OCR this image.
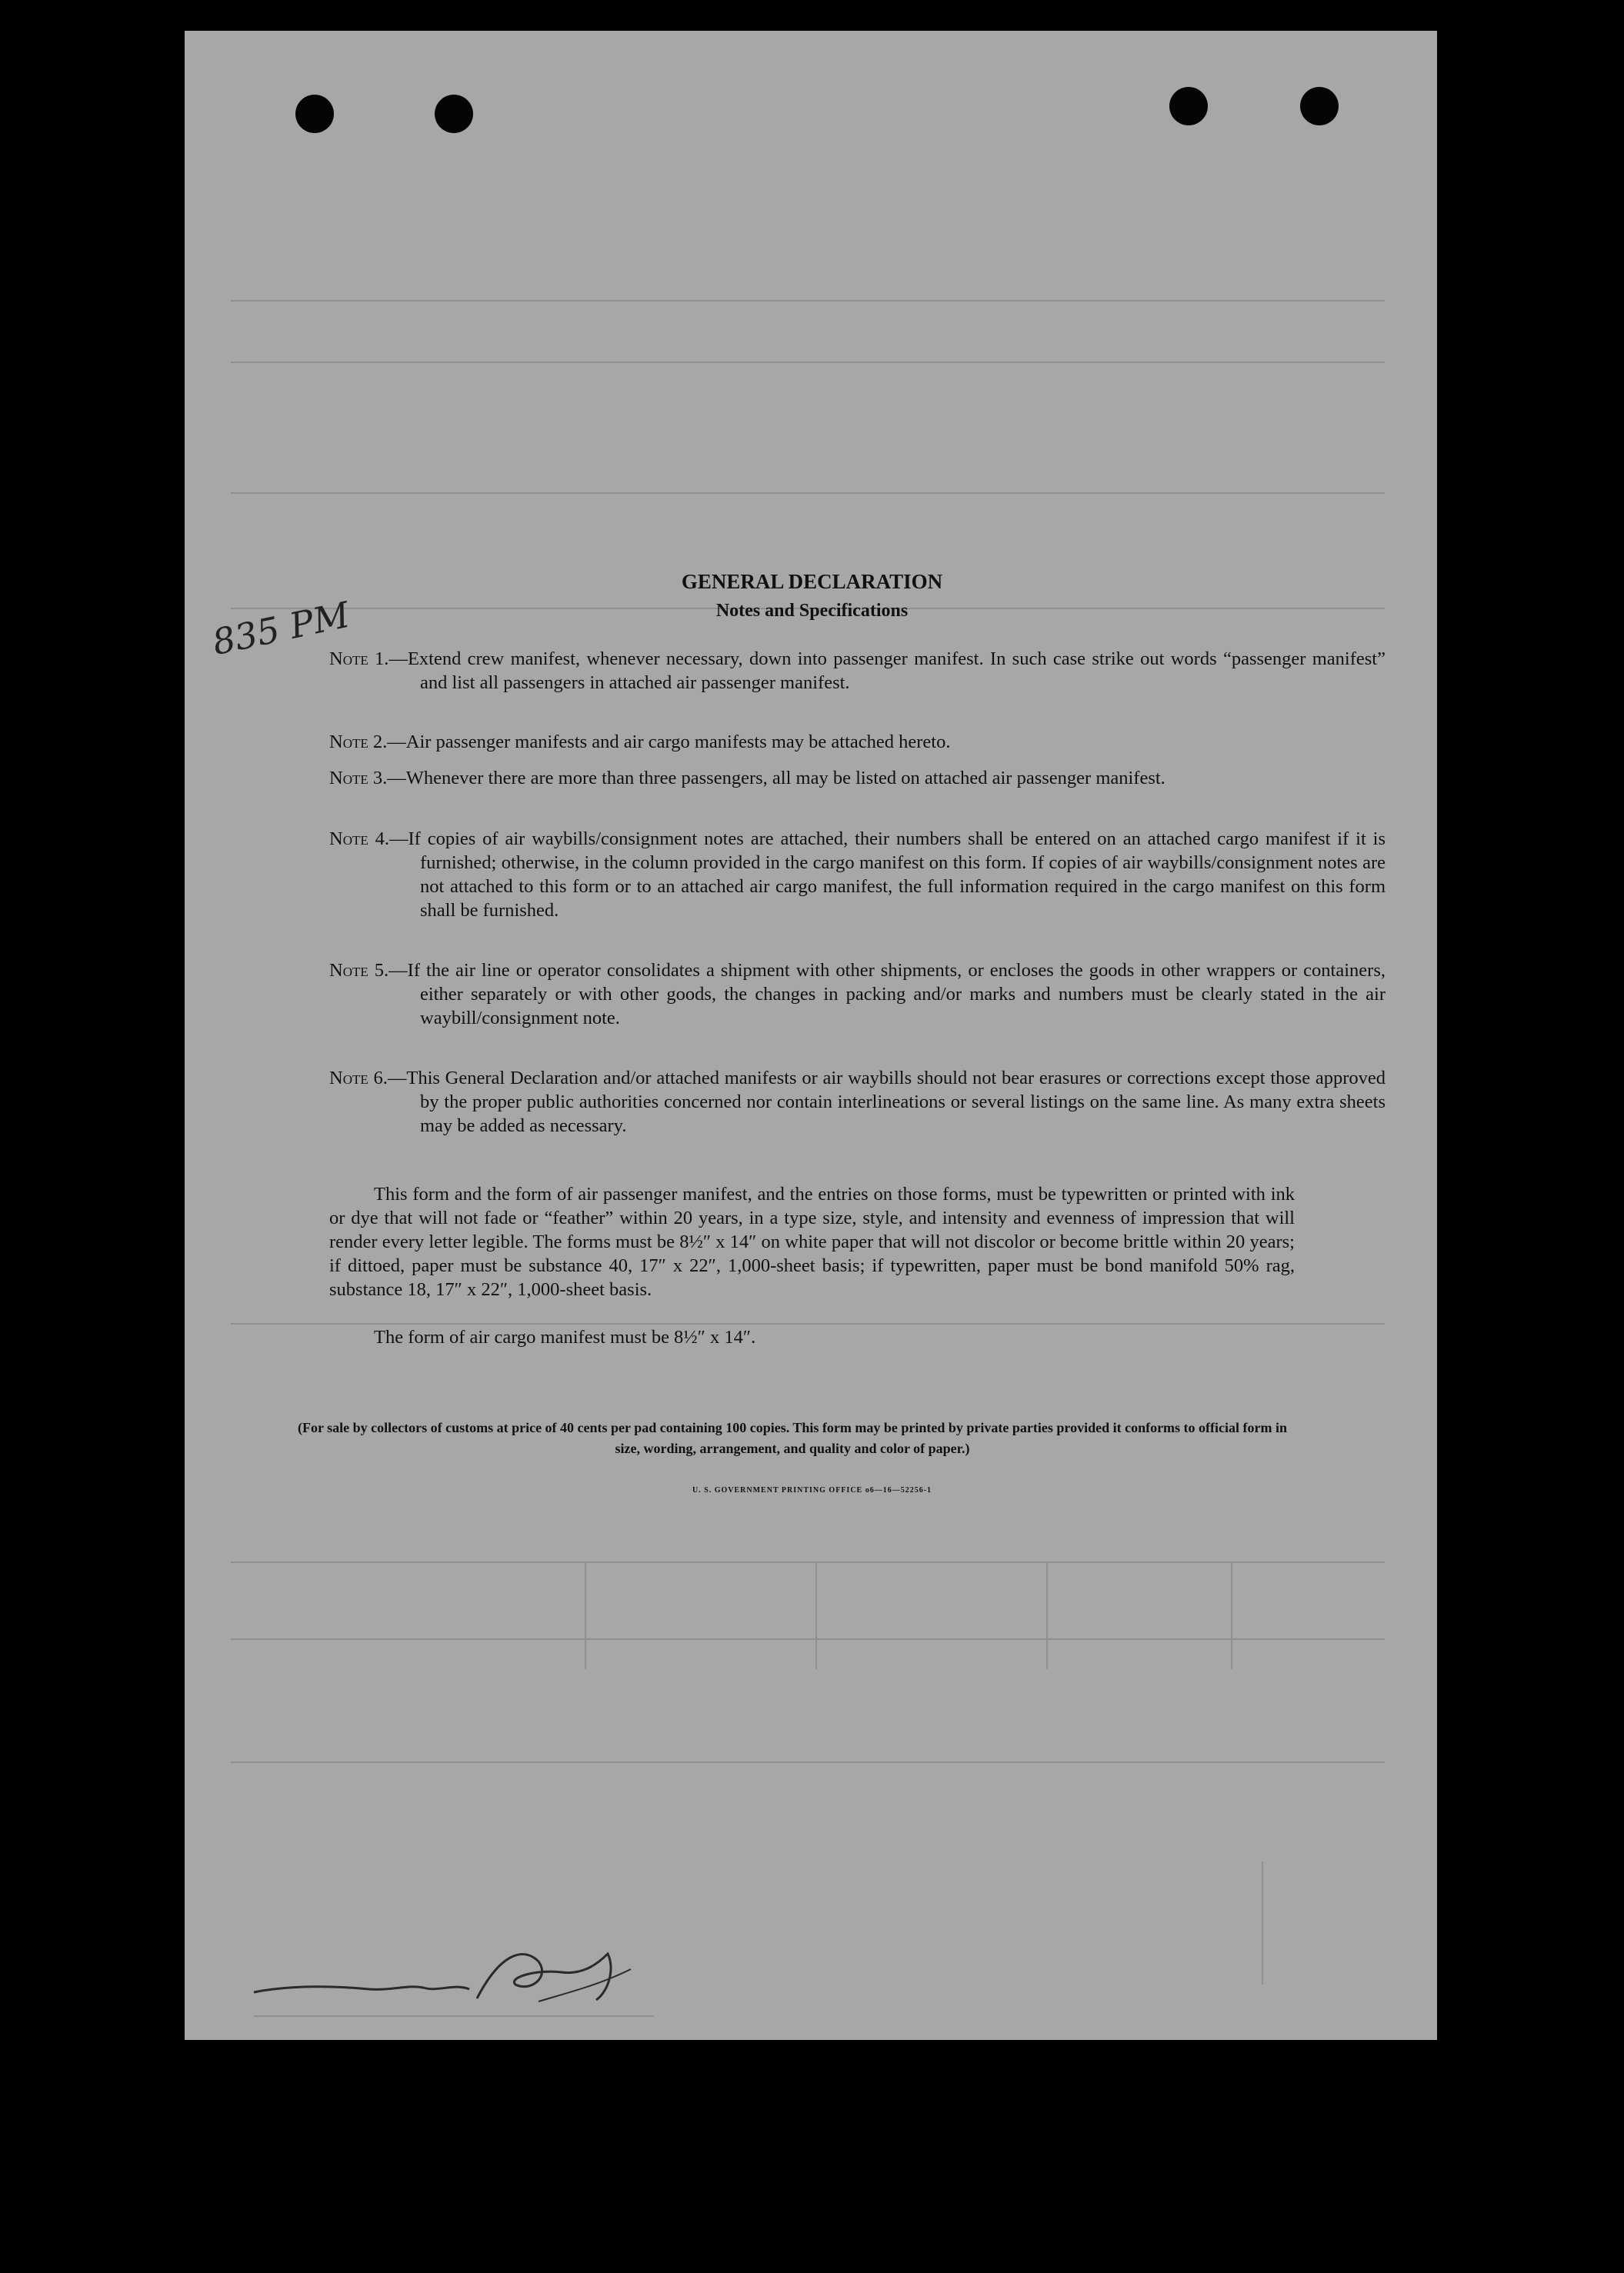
835 PM
GENERAL DECLARATION
Notes and Specifications
Note 1.—Extend crew manifest, whenever necessary, down into passenger manifest. In such case strike out words “passenger manifest” and list all passengers in attached air passenger manifest.
Note 2.—Air passenger manifests and air cargo manifests may be attached hereto.
Note 3.—Whenever there are more than three passengers, all may be listed on attached air passenger manifest.
Note 4.—If copies of air waybills/consignment notes are attached, their numbers shall be entered on an attached cargo manifest if it is furnished; otherwise, in the column provided in the cargo manifest on this form. If copies of air waybills/consignment notes are not attached to this form or to an attached air cargo manifest, the full information required in the cargo manifest on this form shall be furnished.
Note 5.—If the air line or operator consolidates a shipment with other shipments, or encloses the goods in other wrappers or containers, either separately or with other goods, the changes in packing and/or marks and numbers must be clearly stated in the air waybill/consignment note.
Note 6.—This General Declaration and/or attached manifests or air waybills should not bear erasures or corrections except those approved by the proper public authorities concerned nor contain interlineations or several listings on the same line. As many extra sheets may be added as necessary.
This form and the form of air passenger manifest, and the entries on those forms, must be typewritten or printed with ink or dye that will not fade or “feather” within 20 years, in a type size, style, and intensity and evenness of impression that will render every letter legible. The forms must be 8½″ x 14″ on white paper that will not discolor or become brittle within 20 years; if dittoed, paper must be substance 40, 17″ x 22″, 1,000-sheet basis; if typewritten, paper must be bond manifold 50% rag, substance 18, 17″ x 22″, 1,000-sheet basis.
The form of air cargo manifest must be 8½″ x 14″.
(For sale by collectors of customs at price of 40 cents per pad containing 100 copies. This form may be printed by private parties provided it conforms to official form in size, wording, arrangement, and quality and color of paper.)
U. S. GOVERNMENT PRINTING OFFICE o6—16—52256-1
